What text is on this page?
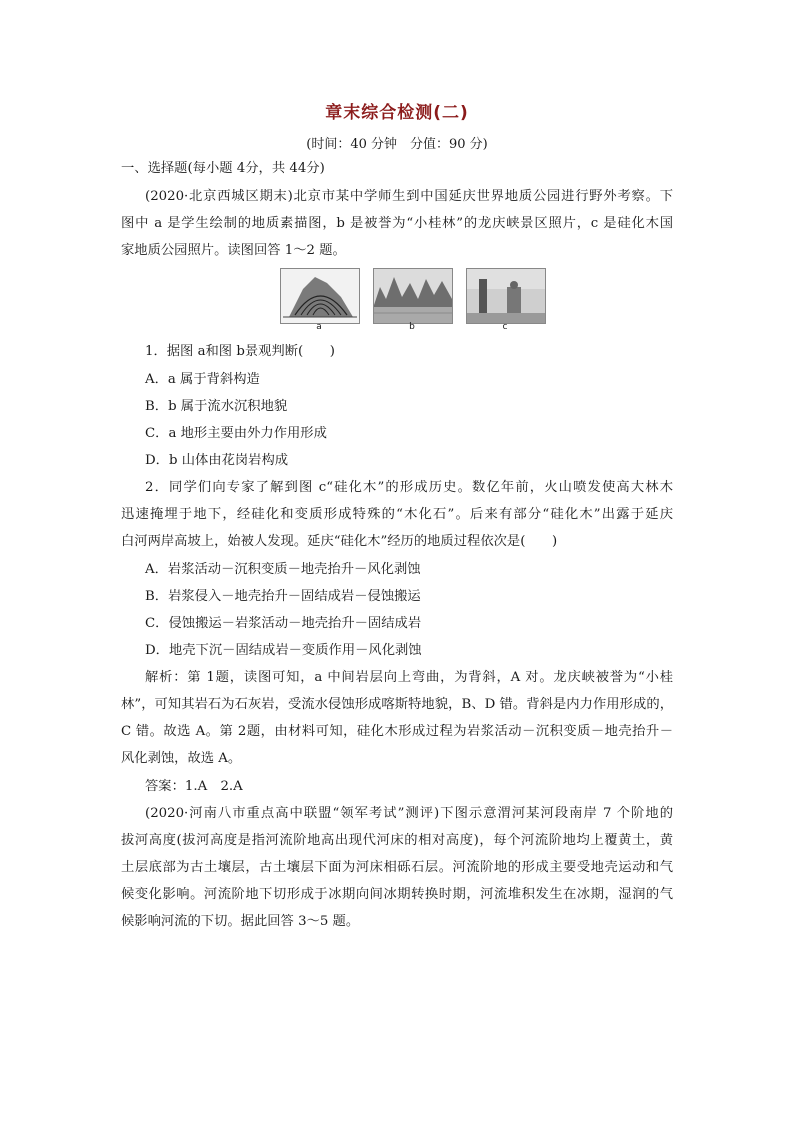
章末综合检测(二)
(时间：40 分钟　分值：90 分)
一、选择题(每小题 4分，共 44分)
(2020·北京西城区期末)北京市某中学师生到中国延庆世界地质公园进行野外考察。下
图中 a 是学生绘制的地质素描图，b 是被誉为“小桂林”的龙庆峡景区照片，c 是硅化木国
家地质公园照片。读图回答 1～2 题。
a	b	c
1．据图 a和图 b景观判断(　　)
A．a 属于背斜构造
B．b 属于流水沉积地貌
C．a 地形主要由外力作用形成
D．b 山体由花岗岩构成
2．同学们向专家了解到图 c“硅化木”的形成历史。数亿年前，火山喷发使高大林木
迅速掩埋于地下，经硅化和变质形成特殊的“木化石”。后来有部分“硅化木”出露于延庆
白河两岸高坡上，始被人发现。延庆“硅化木”经历的地质过程依次是(　　)
A．岩浆活动－沉积变质－地壳抬升－风化剥蚀
B．岩浆侵入－地壳抬升－固结成岩－侵蚀搬运
C．侵蚀搬运－岩浆活动－地壳抬升－固结成岩
D．地壳下沉－固结成岩－变质作用－风化剥蚀
解析：第 1题，读图可知，a 中间岩层向上弯曲，为背斜，A 对。龙庆峡被誉为“小桂
林”，可知其岩石为石灰岩，受流水侵蚀形成喀斯特地貌，B、D 错。背斜是内力作用形成的，
C 错。故选 A。第 2题，由材料可知，硅化木形成过程为岩浆活动－沉积变质－地壳抬升－
风化剥蚀，故选 A。
答案：1.A　2.A
(2020·河南八市重点高中联盟“领军考试”测评)下图示意渭河某河段南岸 7 个阶地的
拔河高度(拔河高度是指河流阶地高出现代河床的相对高度)，每个河流阶地均上覆黄土，黄
土层底部为古土壤层，古土壤层下面为河床相砾石层。河流阶地的形成主要受地壳运动和气
候变化影响。河流阶地下切形成于冰期向间冰期转换时期，河流堆积发生在冰期，湿润的气
候影响河流的下切。据此回答 3～5 题。
